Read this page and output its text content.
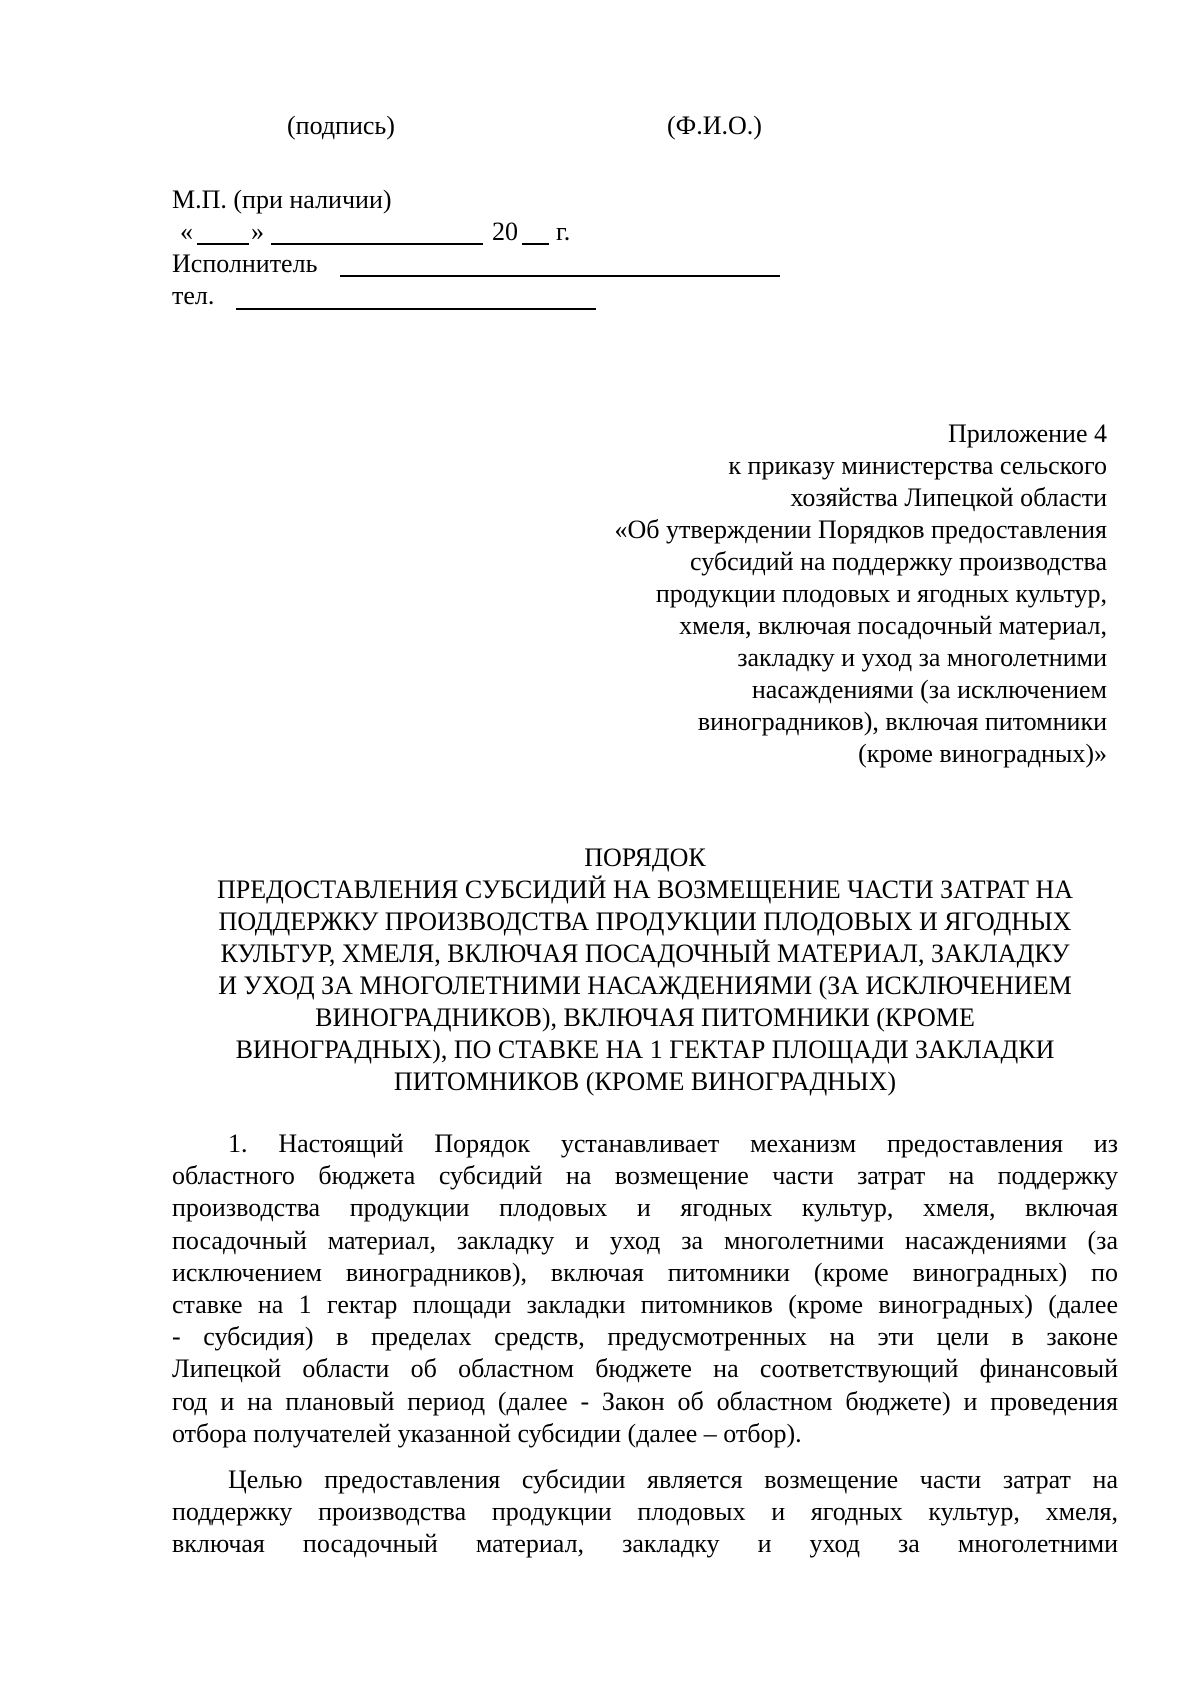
(подпись)	(Ф.И.О.)
М.П. (при наличии)
« »	20 г.
Исполнитель
тел.
Приложение 4
к приказу министерства сельского
хозяйства Липецкой области
«Об утверждении Порядков предоставления
субсидий на поддержку производства
продукции плодовых и ягодных культур,
хмеля, включая посадочный материал,
закладку и уход за многолетними
насаждениями (за исключением
виноградников), включая питомники
(кроме виноградных)»
ПОРЯДОК
ПРЕДОСТАВЛЕНИЯ СУБСИДИЙ НА ВОЗМЕЩЕНИЕ ЧАСТИ ЗАТРАТ НА
ПОДДЕРЖКУ ПРОИЗВОДСТВА ПРОДУКЦИИ ПЛОДОВЫХ И ЯГОДНЫХ
КУЛЬТУР, ХМЕЛЯ, ВКЛЮЧАЯ ПОСАДОЧНЫЙ МАТЕРИАЛ, ЗАКЛАДКУ
И УХОД ЗА МНОГОЛЕТНИМИ НАСАЖДЕНИЯМИ (ЗА ИСКЛЮЧЕНИЕМ
ВИНОГРАДНИКОВ), ВКЛЮЧАЯ ПИТОМНИКИ (КРОМЕ
ВИНОГРАДНЫХ), ПО СТАВКЕ НА 1 ГЕКТАР ПЛОЩАДИ ЗАКЛАДКИ
ПИТОМНИКОВ (КРОМЕ ВИНОГРАДНЫХ)
1. Настоящий Порядок устанавливает механизм предоставления из
областного бюджета субсидий на возмещение части затрат на поддержку
производства продукции плодовых и ягодных культур, хмеля, включая
посадочный материал, закладку и уход за многолетними насаждениями (за
исключением виноградников), включая питомники (кроме виноградных) по
ставке на 1 гектар площади закладки питомников (кроме виноградных) (далее
- субсидия) в пределах средств, предусмотренных на эти цели в законе
Липецкой области об областном бюджете на соответствующий финансовый
год и на плановый период (далее - Закон об областном бюджете) и проведения
отбора получателей указанной субсидии (далее – отбор).
Целью предоставления субсидии является возмещение части затрат на
поддержку производства продукции плодовых и ягодных культур, хмеля,
включая посадочный материал, закладку и уход за многолетними
